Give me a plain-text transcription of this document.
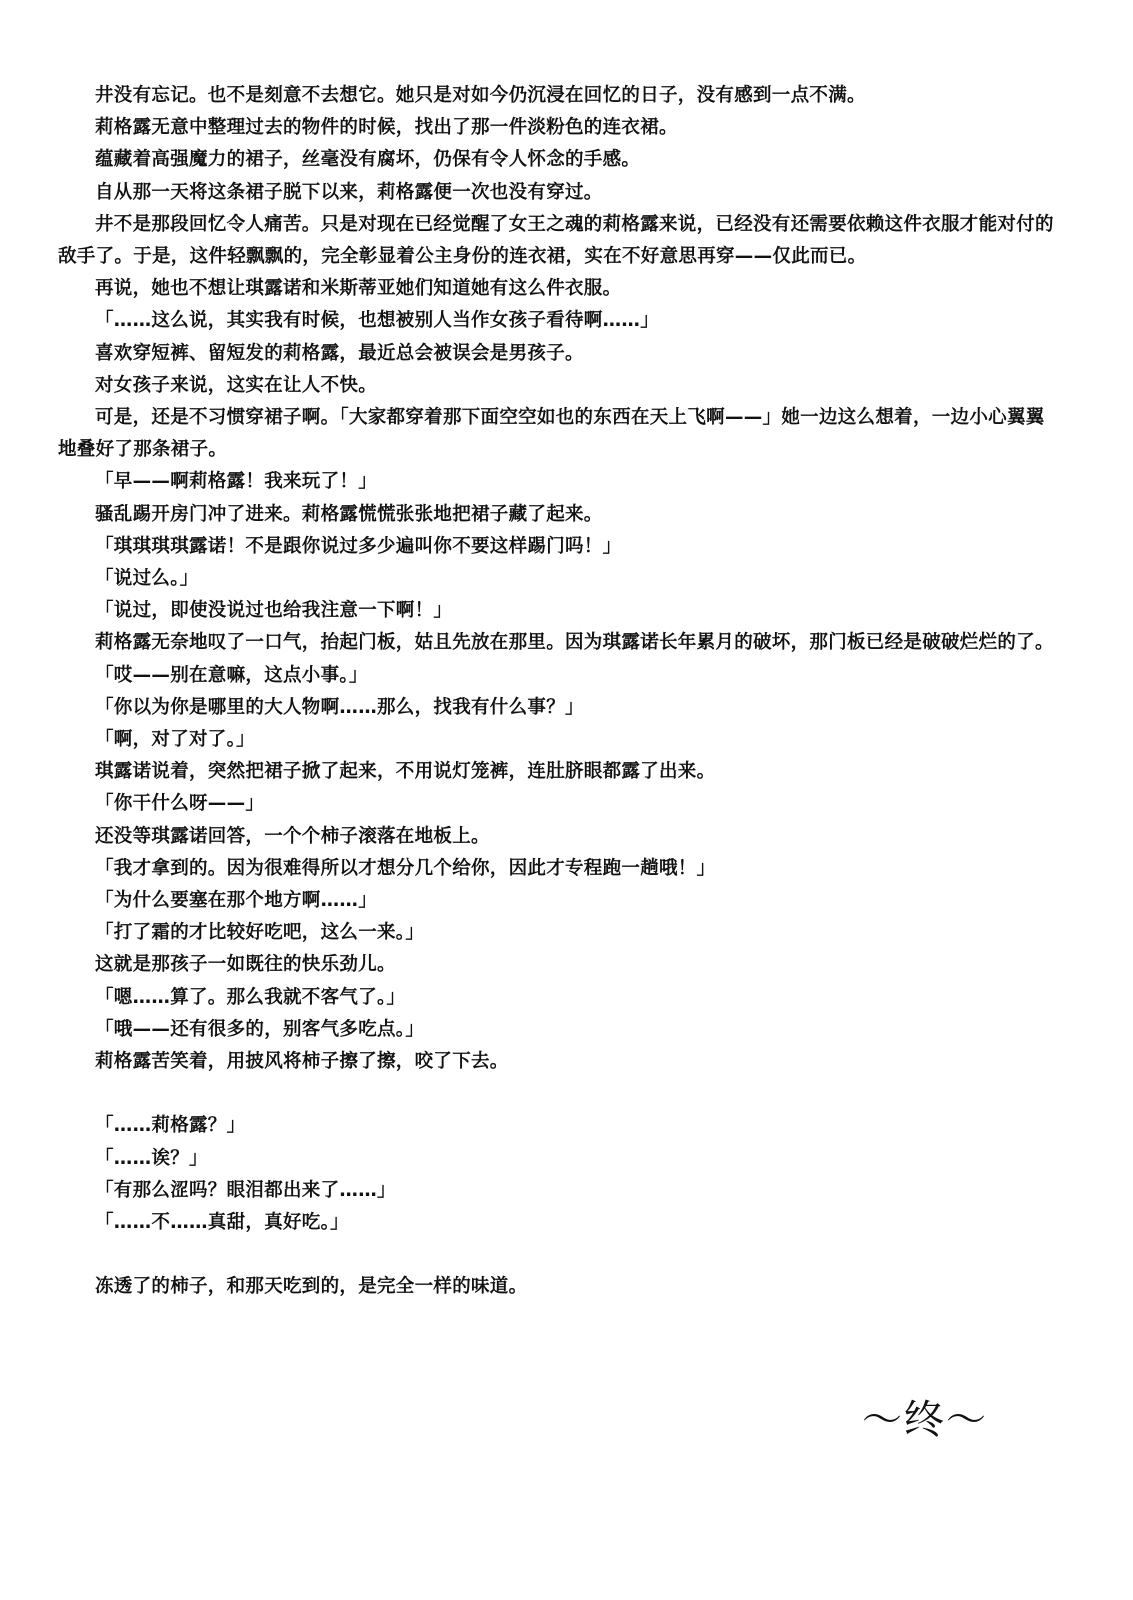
井没有忘记。也不是刻意不去想它。她只是对如今仍沉浸在回忆的日子，没有感到一点不满。

莉格露无意中整理过去的物件的时候，找出了那一件淡粉色的连衣裙。

蕴藏着高强魔力的裙子，丝毫没有腐坏，仍保有令人怀念的手感。

自从那一天将这条裙子脱下以来，莉格露便一次也没有穿过。

井不是那段回忆令人痛苦。只是对现在已经觉醒了女王之魂的莉格露来说，已经没有还需要依赖这件衣服才能对付的敌手了。于是，这件轻飘飘的，完全彰显着公主身份的连衣裙，实在不好意思再穿——仅此而已。

再说，她也不想让琪露诺和米斯蒂亚她们知道她有这么件衣服。

「……这么说，其实我有时候，也想被别人当作女孩子看待啊……」

喜欢穿短裤、留短发的莉格露，最近总会被误会是男孩子。

对女孩子来说，这实在让人不快。

可是，还是不习惯穿裙子啊。「大家都穿着那下面空空如也的东西在天上飞啊——」她一边这么想着，一边小心翼翼地叠好了那条裙子。

「早——啊莉格露！我来玩了！」

骚乱踢开房门冲了进来。莉格露慌慌张张地把裙子藏了起来。

「琪琪琪琪露诺！不是跟你说过多少遍叫你不要这样踢门吗！」

「说过么。」

「说过，即使没说过也给我注意一下啊！」

莉格露无奈地叹了一口气，抬起门板，姑且先放在那里。因为琪露诺长年累月的破坏，那门板已经是破破烂烂的了。

「哎——别在意嘛，这点小事。」

「你以为你是哪里的大人物啊……那么，找我有什么事？」

「啊，对了对了。」

琪露诺说着，突然把裙子掀了起来，不用说灯笼裤，连肚脐眼都露了出来。

「你干什么呀——」

还没等琪露诺回答，一个个柿子滚落在地板上。

「我才拿到的。因为很难得所以才想分几个给你，因此才专程跑一趟哦！」

「为什么要塞在那个地方啊……」

「打了霜的才比较好吃吧，这么一来。」

这就是那孩子一如既往的快乐劲儿。

「嗯……算了。那么我就不客气了。」

「哦——还有很多的，别客气多吃点。」

莉格露苦笑着，用披风将柿子擦了擦，咬了下去。

「……莉格露？」

「……诶？」

「有那么涩吗？眼泪都出来了……」

「……不……真甜，真好吃。」

冻透了的柿子，和那天吃到的，是完全一样的味道。

～终～
